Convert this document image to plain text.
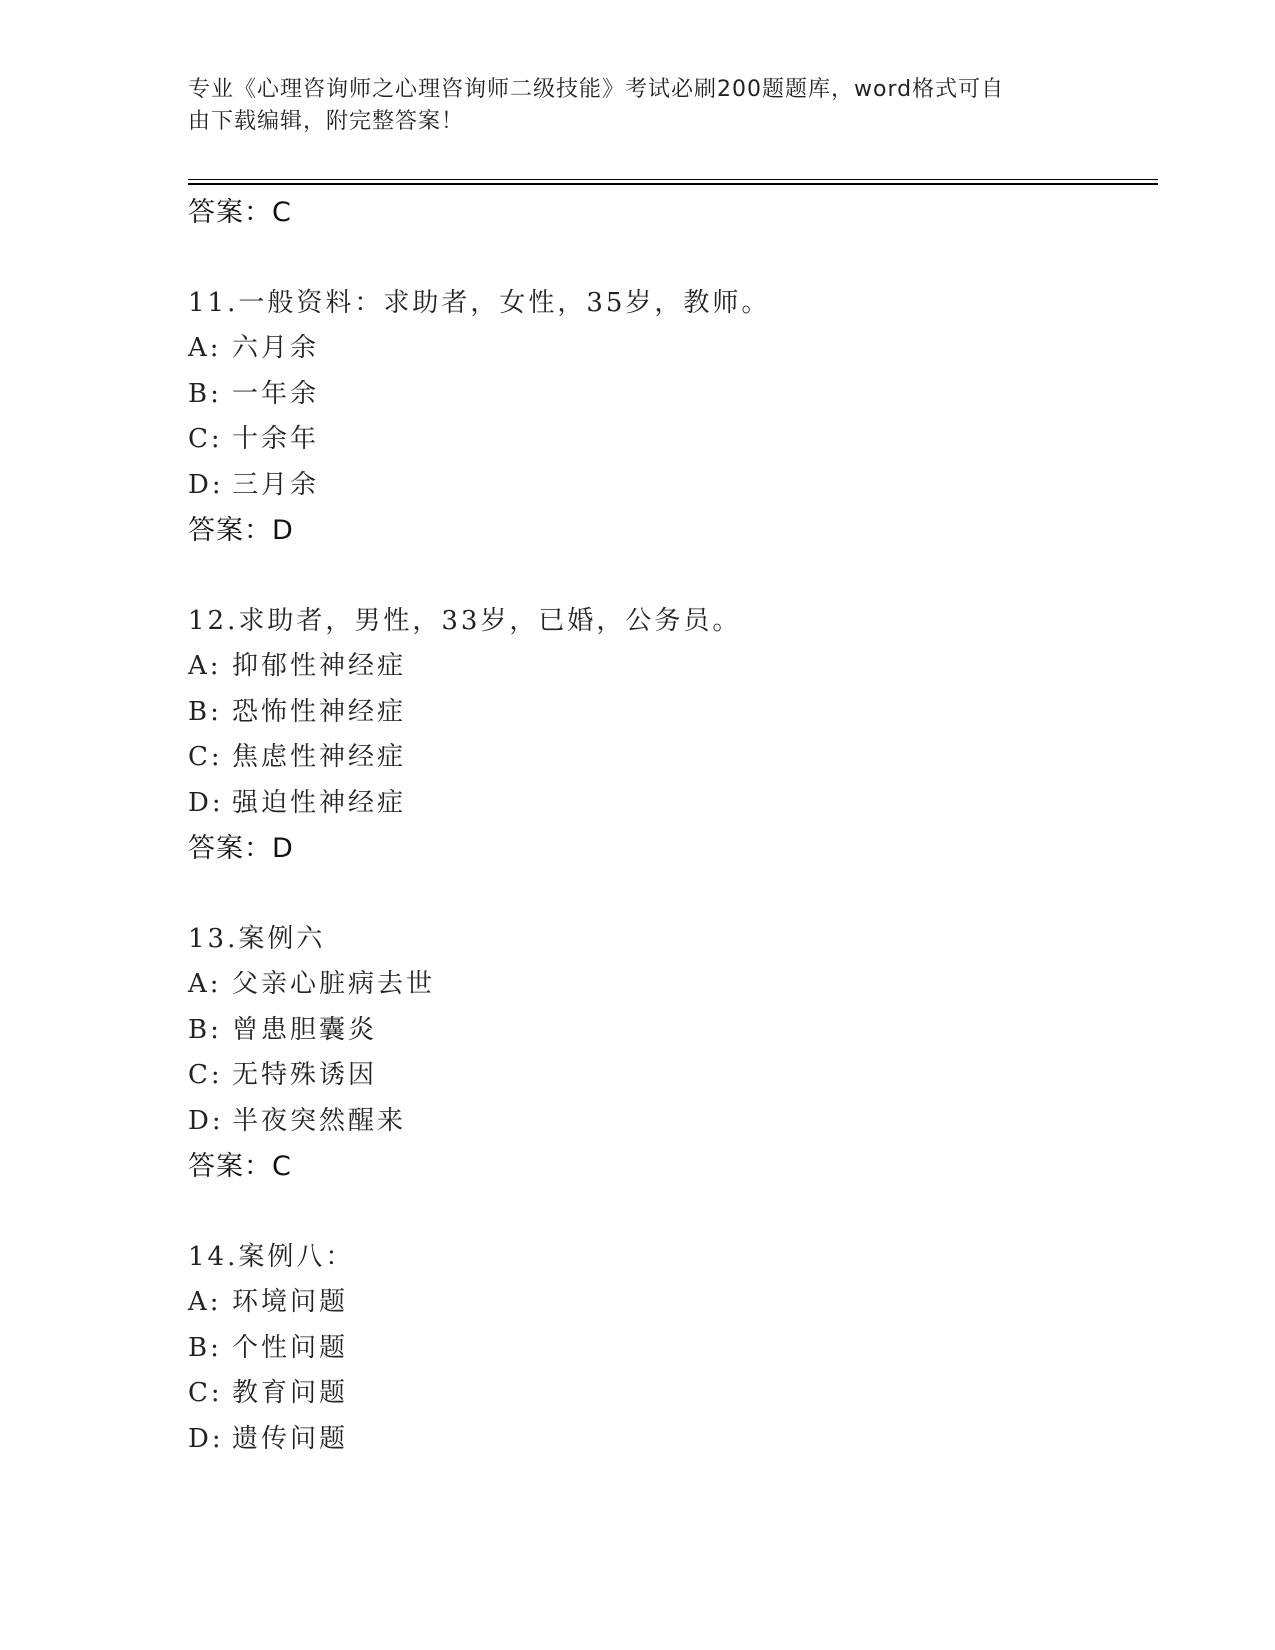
专业《心理咨询师之心理咨询师二级技能》考试必刷200题题库，word格式可自
由下载编辑，附完整答案！
答案：C
11.一般资料：求助者，女性，35岁，教师。
A: 六月余
B: 一年余
C: 十余年
D: 三月余
答案：D
12.求助者，男性，33岁，已婚，公务员。
A: 抑郁性神经症
B: 恐怖性神经症
C: 焦虑性神经症
D: 强迫性神经症
答案：D
13.案例六
A: 父亲心脏病去世
B: 曾患胆囊炎
C: 无特殊诱因
D: 半夜突然醒来
答案：C
14.案例八：
A: 环境问题
B: 个性问题
C: 教育问题
D: 遗传问题
